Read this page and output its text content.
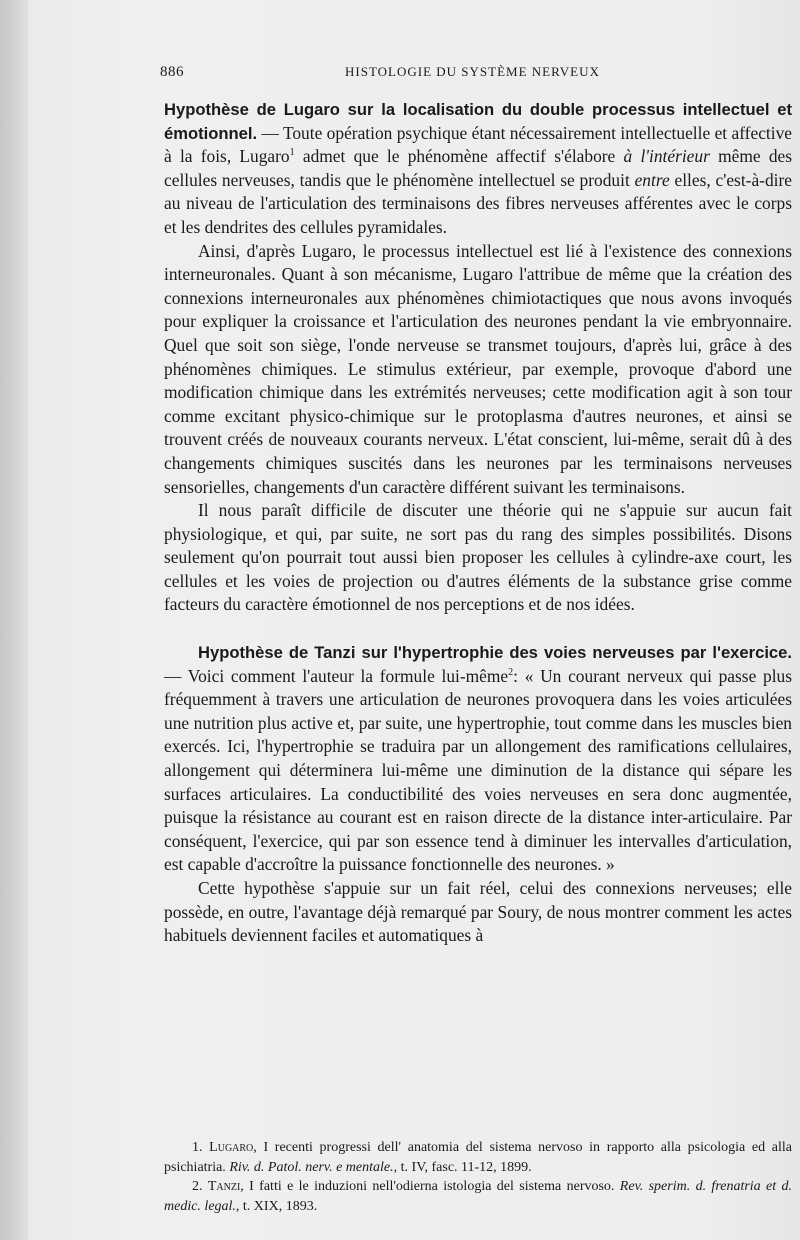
886	HISTOLOGIE DU SYSTÈME NERVEUX

Hypothèse de Lugaro sur la localisation du double processus intellectuel et émotionnel. — Toute opération psychique étant nécessairement intellectuelle et affective à la fois, Lugaro$^1$ admet que le phénomène affectif s'élabore à l'intérieur même des cellules nerveuses, tandis que le phénomène intellectuel se produit entre elles, c'est-à-dire au niveau de l'articulation des terminaisons des fibres nerveuses afférentes avec le corps et les dendrites des cellules pyramidales.

Ainsi, d'après Lugaro, le processus intellectuel est lié à l'existence des connexions interneuronales. Quant à son mécanisme, Lugaro l'attribue de même que la création des connexions interneuronales aux phénomènes chimiotactiques que nous avons invoqués pour expliquer la croissance et l'articulation des neurones pendant la vie embryonnaire. Quel que soit son siège, l'onde nerveuse se transmet toujours, d'après lui, grâce à des phénomènes chimiques. Le stimulus extérieur, par exemple, provoque d'abord une modification chimique dans les extrémités nerveuses; cette modification agit à son tour comme excitant physico-chimique sur le protoplasma d'autres neurones, et ainsi se trouvent créés de nouveaux courants nerveux. L'état conscient, lui-même, serait dû à des changements chimiques suscités dans les neurones par les terminaisons nerveuses sensorielles, changements d'un caractère différent suivant les terminaisons.

Il nous paraît difficile de discuter une théorie qui ne s'appuie sur aucun fait physiologique, et qui, par suite, ne sort pas du rang des simples possibilités. Disons seulement qu'on pourrait tout aussi bien proposer les cellules à cylindre-axe court, les cellules et les voies de projection ou d'autres éléments de la substance grise comme facteurs du caractère émotionnel de nos perceptions et de nos idées.

Hypothèse de Tanzi sur l'hypertrophie des voies nerveuses par l'exercice. — Voici comment l'auteur la formule lui-même$^2$: « Un courant nerveux qui passe plus fréquemment à travers une articulation de neurones provoquera dans les voies articulées une nutrition plus active et, par suite, une hypertrophie, tout comme dans les muscles bien exercés. Ici, l'hypertrophie se traduira par un allongement des ramifications cellulaires, allongement qui déterminera lui-même une diminution de la distance qui sépare les surfaces articulaires. La conductibilité des voies nerveuses en sera donc augmentée, puisque la résistance au courant est en raison directe de la distance inter-articulaire. Par conséquent, l'exercice, qui par son essence tend à diminuer les intervalles d'articulation, est capable d'accroître la puissance fonctionnelle des neurones. »

Cette hypothèse s'appuie sur un fait réel, celui des connexions nerveuses; elle possède, en outre, l'avantage déjà remarqué par Soury, de nous montrer comment les actes habituels deviennent faciles et automatiques à

1. Lugaro, I recenti progressi dell' anatomia del sistema nervoso in rapporto alla psicologia ed alla psichiatria. Riv. d. Patol. nerv. e mentale., t. IV, fasc. 11-12, 1899.

2. Tanzi, I fatti e le induzioni nell'odierna istologia del sistema nervoso. Rev. sperim. d. frenatria et d. medic. legal., t. XIX, 1893.
